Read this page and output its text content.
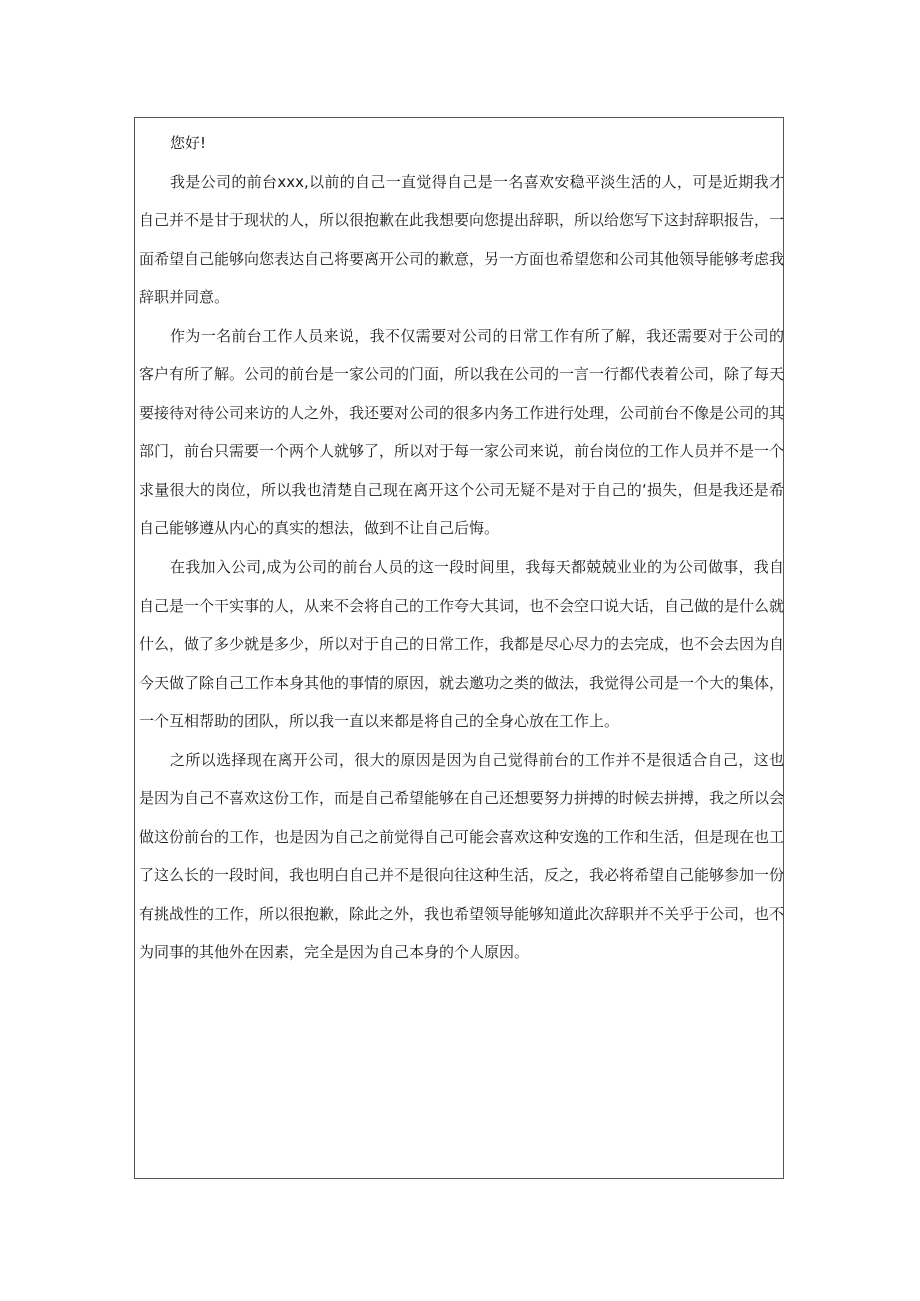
您好!
我是公司的前台xxx,以前的自己一直觉得自己是一名喜欢安稳平淡生活的人，可是近期我才
自己并不是甘于现状的人，所以很抱歉在此我想要向您提出辞职，所以给您写下这封辞职报告，一
面希望自己能够向您表达自己将要离开公司的歉意，另一方面也希望您和公司其他领导能够考虑我
辞职并同意。
作为一名前台工作人员来说，我不仅需要对公司的日常工作有所了解，我还需要对于公司的
客户有所了解。公司的前台是一家公司的门面，所以我在公司的一言一行都代表着公司，除了每天
要接待对待公司来访的人之外，我还要对公司的很多内务工作进行处理，公司前台不像是公司的其
部门，前台只需要一个两个人就够了，所以对于每一家公司来说，前台岗位的工作人员并不是一个
求量很大的岗位，所以我也清楚自己现在离开这个公司无疑不是对于自己的‘损失，但是我还是希
自己能够遵从内心的真实的想法，做到不让自己后悔。
在我加入公司,成为公司的前台人员的这一段时间里，我每天都兢兢业业的为公司做事，我自
自己是一个干实事的人，从来不会将自己的工作夸大其词，也不会空口说大话，自己做的是什么就
什么，做了多少就是多少，所以对于自己的日常工作，我都是尽心尽力的去完成，也不会去因为自
今天做了除自己工作本身其他的事情的原因，就去邀功之类的做法，我觉得公司是一个大的集体，
一个互相帮助的团队，所以我一直以来都是将自己的全身心放在工作上。
之所以选择现在离开公司，很大的原因是因为自己觉得前台的工作并不是很适合自己，这也
是因为自己不喜欢这份工作，而是自己希望能够在自己还想要努力拼搏的时候去拼搏，我之所以会
做这份前台的工作，也是因为自己之前觉得自己可能会喜欢这种安逸的工作和生活，但是现在也工
了这么长的一段时间，我也明白自己并不是很向往这种生活，反之，我必将希望自己能够参加一份
有挑战性的工作，所以很抱歉，除此之外，我也希望领导能够知道此次辞职并不关乎于公司，也不
为同事的其他外在因素，完全是因为自己本身的个人原因。
